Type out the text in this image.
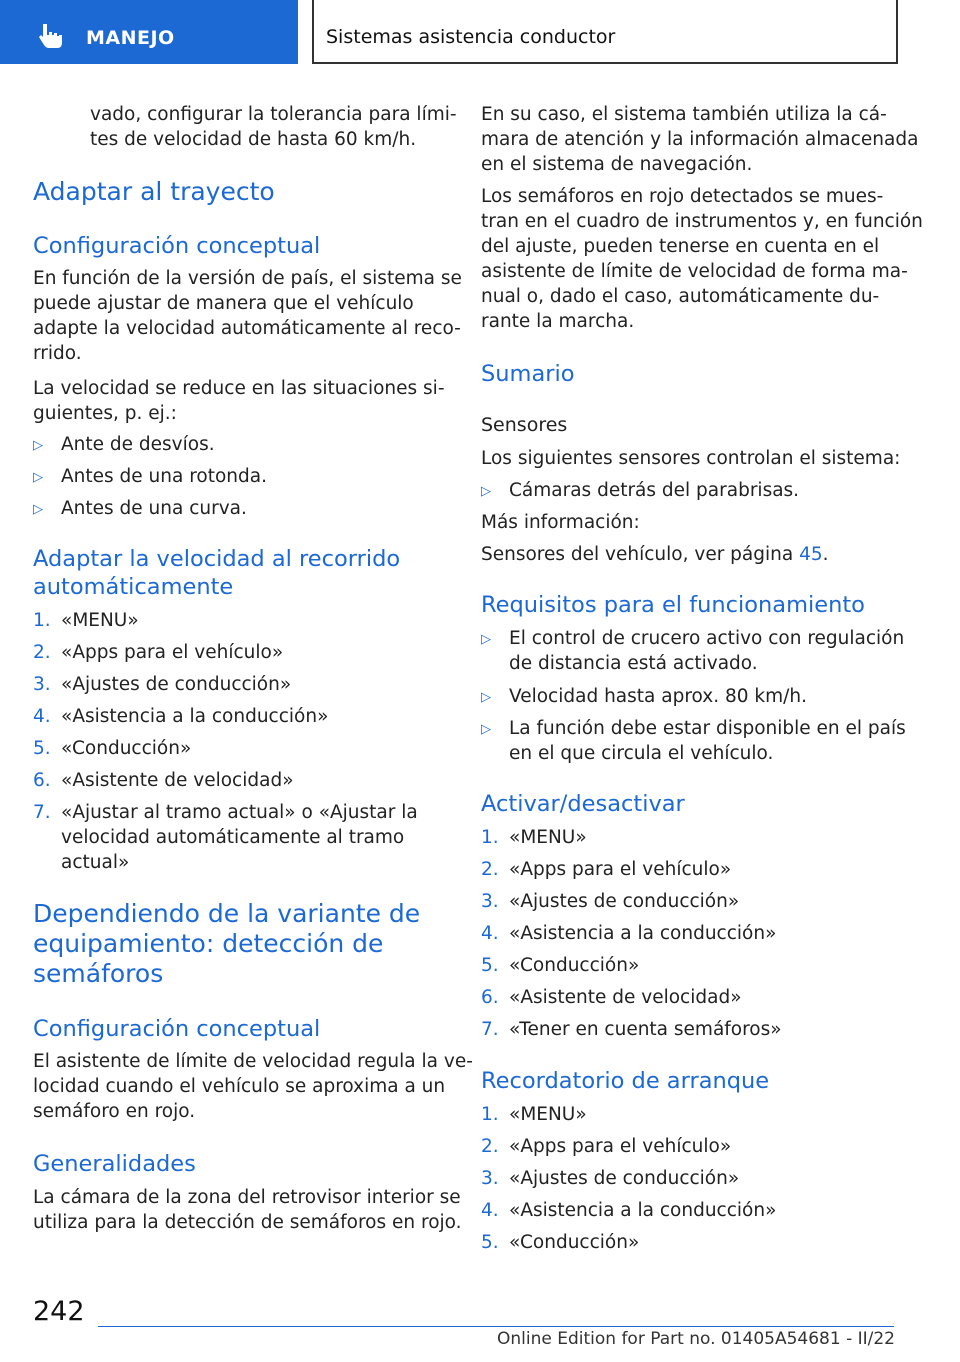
MANEJO	Sistemas asistencia conductor
vado, configurar la tolerancia para lími-
tes de velocidad de hasta 60 km/h.
Adaptar al trayecto
Configuración conceptual
En función de la versión de país, el sistema se
puede ajustar de manera que el vehículo
adapte la velocidad automáticamente al reco-
rrido.
La velocidad se reduce en las situaciones si-
guientes, p. ej.:
▷ Ante de desvíos.
▷ Antes de una rotonda.
▷ Antes de una curva.
Adaptar la velocidad al recorrido
automáticamente
1. «MENU»
2. «Apps para el vehículo»
3. «Ajustes de conducción»
4. «Asistencia a la conducción»
5. «Conducción»
6. «Asistente de velocidad»
7. «Ajustar al tramo actual» o «Ajustar la
velocidad automáticamente al tramo
actual»
Dependiendo de la variante de
equipamiento: detección de
semáforos
Configuración conceptual
El asistente de límite de velocidad regula la ve-
locidad cuando el vehículo se aproxima a un
semáforo en rojo.
Generalidades
La cámara de la zona del retrovisor interior se
utiliza para la detección de semáforos en rojo.
En su caso, el sistema también utiliza la cá-
mara de atención y la información almacenada
en el sistema de navegación.
Los semáforos en rojo detectados se mues-
tran en el cuadro de instrumentos y, en función
del ajuste, pueden tenerse en cuenta en el
asistente de límite de velocidad de forma ma-
nual o, dado el caso, automáticamente du-
rante la marcha.
Sumario
Sensores
Los siguientes sensores controlan el sistema:
▷ Cámaras detrás del parabrisas.
Más información:
Sensores del vehículo, ver página 45.
Requisitos para el funcionamiento
▷ El control de crucero activo con regulación
de distancia está activado.
▷ Velocidad hasta aprox. 80 km/h.
▷ La función debe estar disponible en el país
en el que circula el vehículo.
Activar/desactivar
1. «MENU»
2. «Apps para el vehículo»
3. «Ajustes de conducción»
4. «Asistencia a la conducción»
5. «Conducción»
6. «Asistente de velocidad»
7. «Tener en cuenta semáforos»
Recordatorio de arranque
1. «MENU»
2. «Apps para el vehículo»
3. «Ajustes de conducción»
4. «Asistencia a la conducción»
5. «Conducción»
242
Online Edition for Part no. 01405A54681 - II/22
